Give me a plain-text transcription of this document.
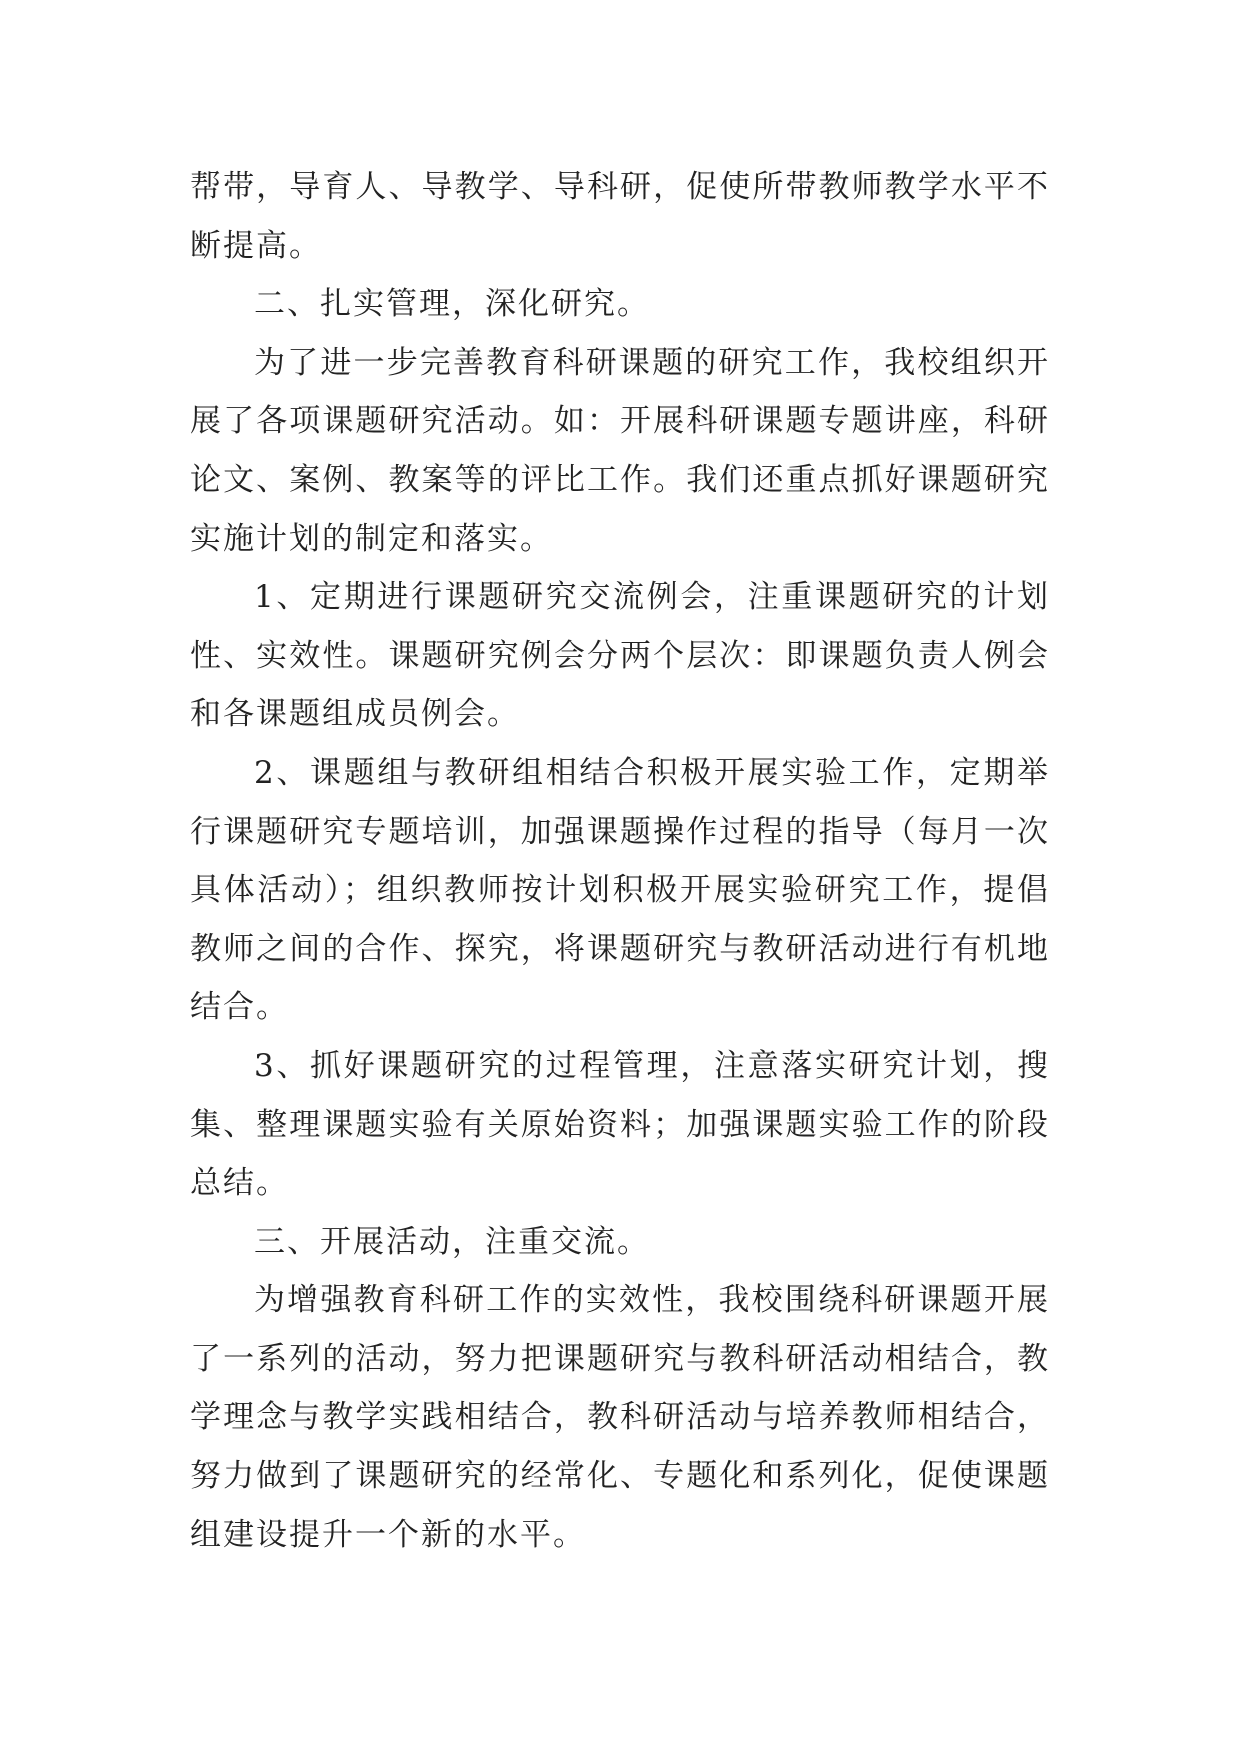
帮带，导育人、导教学、导科研，促使所带教师教学水平不断提高。

二、扎实管理，深化研究。

为了进一步完善教育科研课题的研究工作，我校组织开展了各项课题研究活动。如：开展科研课题专题讲座，科研论文、案例、教案等的评比工作。我们还重点抓好课题研究实施计划的制定和落实。

1、定期进行课题研究交流例会，注重课题研究的计划性、实效性。课题研究例会分两个层次：即课题负责人例会和各课题组成员例会。

2、课题组与教研组相结合积极开展实验工作，定期举行课题研究专题培训，加强课题操作过程的指导（每月一次具体活动）；组织教师按计划积极开展实验研究工作，提倡教师之间的合作、探究，将课题研究与教研活动进行有机地结合。

3、抓好课题研究的过程管理，注意落实研究计划，搜集、整理课题实验有关原始资料；加强课题实验工作的阶段总结。

三、开展活动，注重交流。

为增强教育科研工作的实效性，我校围绕科研课题开展了一系列的活动，努力把课题研究与教科研活动相结合，教学理念与教学实践相结合，教科研活动与培养教师相结合，努力做到了课题研究的经常化、专题化和系列化，促使课题组建设提升一个新的水平。
